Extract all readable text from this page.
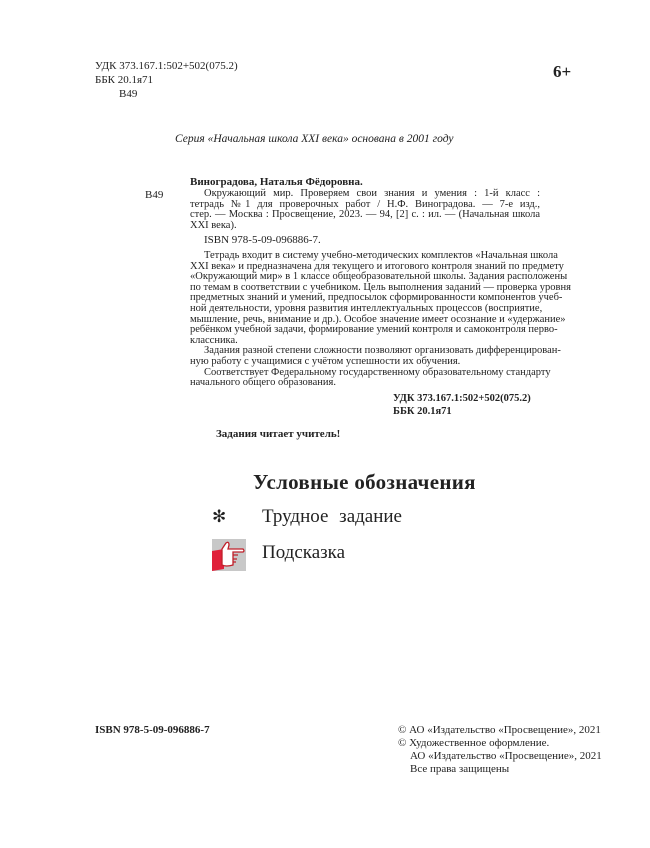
УДК 373.167.1:502+502(075.2)
ББК 20.1я71
В49
6+
Серия «Начальная школа XXI века» основана в 2001 году
Виноградова, Наталья Фёдоровна.
В49	Окружающий мир. Проверяем свои знания и умения : 1-й класс :
тетрадь №1 для проверочных работ / Н.Ф. Виноградова. — 7-е изд.,
стер. — Москва : Просвещение, 2023. — 94, [2] с. : ил. — (Начальная школа
XXI века).
ISBN 978-5-09-096886-7.
Тетрадь входит в систему учебно-методических комплектов «Начальная школа
XXI века» и предназначена для текущего и итогового контроля знаний по предмету
«Окружающий мир» в 1 классе общеобразовательной школы. Задания расположены
по темам в соответствии с учебником. Цель выполнения заданий — проверка уровня
предметных знаний и умений, предпосылок сформированности компонентов учеб-
ной деятельности, уровня развития интеллектуальных процессов (восприятие,
мышление, речь, внимание и др.). Особое значение имеет осознание и «удержание»
ребёнком учебной задачи, формирование умений контроля и самоконтроля перво-
классника.
Задания разной степени сложности позволяют организовать дифференцирован-
ную работу с учащимися с учётом успешности их обучения.
Соответствует Федеральному государственному образовательному стандарту
начального общего образования.
УДК 373.167.1:502+502(075.2)
ББК 20.1я71
Задания читает учитель!
Условные обозначения
✻ Трудное задание
Подсказка
ISBN 978-5-09-096886-7	© АО «Издательство «Просвещение», 2021
© Художественное оформление.
АО «Издательство «Просвещение», 2021
Все права защищены
